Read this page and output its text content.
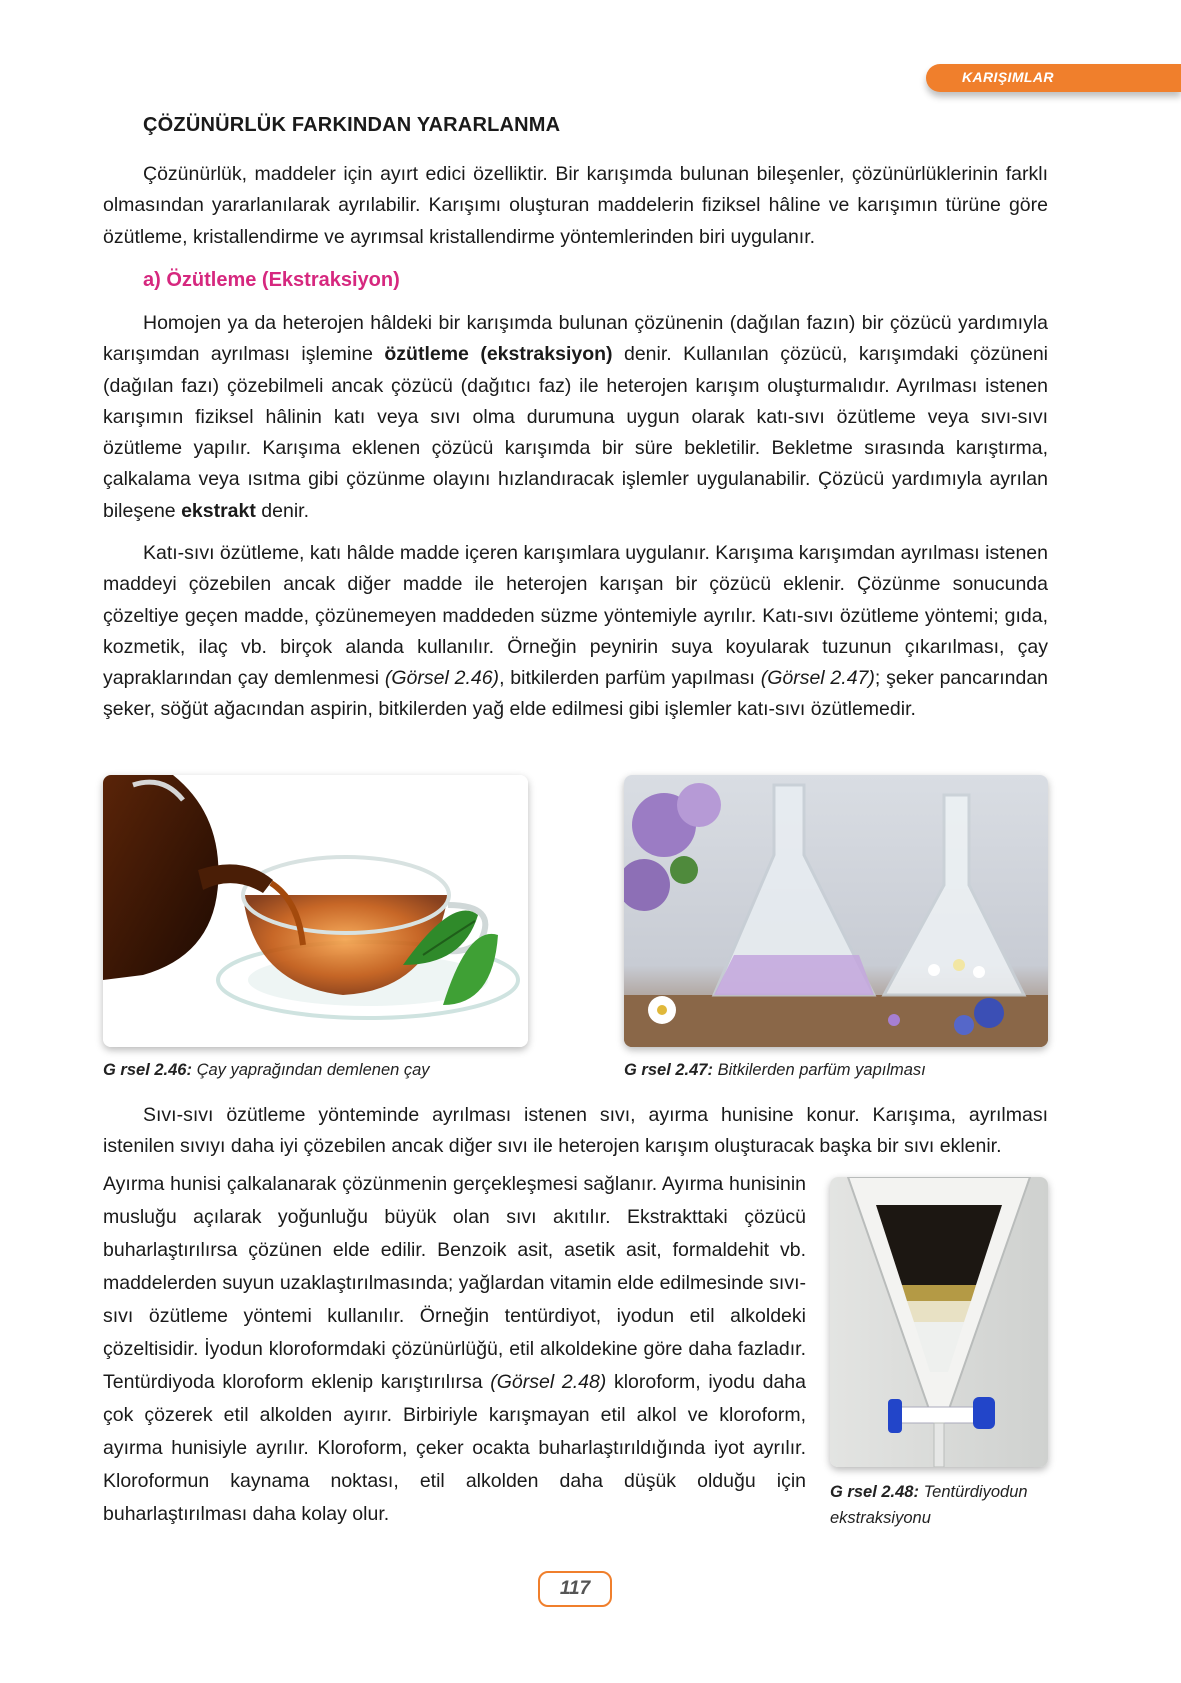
KARIŞIMLAR
ÇÖZÜNÜRLÜK FARKINDAN YARARLANMA

Çözünürlük, maddeler için ayırt edici özelliktir. Bir karışımda bulunan bileşenler, çözünürlüklerinin farklı olmasından yararlanılarak ayrılabilir. Karışımı oluşturan maddelerin fiziksel hâline ve karışımın türüne göre özütleme, kristallendirme ve ayrımsal kristallendirme yöntemlerinden biri uygulanır.

a) Özütleme (Ekstraksiyon)

Homojen ya da heterojen hâldeki bir karışımda bulunan çözünenin (dağılan fazın) bir çözücü yardımıyla karışımdan ayrılması işlemine özütleme (ekstraksiyon) denir. Kullanılan çözücü, karışımdaki çözüneni (dağılan fazı) çözebilmeli ancak çözücü (dağıtıcı faz) ile heterojen karışım oluşturmalıdır. Ayrılması istenen karışımın fiziksel hâlinin katı veya sıvı olma durumuna uygun olarak katı-sıvı özütleme veya sıvı-sıvı özütleme yapılır. Karışıma eklenen çözücü karışımda bir süre bekletilir. Bekletme sırasında karıştırma, çalkalama veya ısıtma gibi çözünme olayını hızlandıracak işlemler uygulanabilir. Çözücü yardımıyla ayrılan bileşene ekstrakt denir.

Katı-sıvı özütleme, katı hâlde madde içeren karışımlara uygulanır. Karışıma karışımdan ayrılması istenen maddeyi çözebilen ancak diğer madde ile heterojen karışan bir çözücü eklenir. Çözünme sonucunda çözeltiye geçen madde, çözünemeyen maddeden süzme yöntemiyle ayrılır. Katı-sıvı özütleme yöntemi; gıda, kozmetik, ilaç vb. birçok alanda kullanılır. Örneğin peynirin suya koyularak tuzunun çıkarılması, çay yapraklarından çay demlenmesi (Görsel 2.46), bitkilerden parfüm yapılması (Görsel 2.47); şeker pancarından şeker, söğüt ağacından aspirin, bitkilerden yağ elde edilmesi gibi işlemler katı-sıvı özütlemedir.

G rsel 2.46: Çay yaprağından demlenen çay	G rsel 2.47: Bitkilerden parfüm yapılması

Sıvı-sıvı özütleme yönteminde ayrılması istenen sıvı, ayırma hunisine konur. Karışıma, ayrılması istenilen sıvıyı daha iyi çözebilen ancak diğer sıvı ile heterojen karışım oluşturacak başka bir sıvı eklenir.

Ayırma hunisi çalkalanarak çözünmenin gerçekleşmesi sağlanır. Ayırma hunisinin musluğu açılarak yoğunluğu büyük olan sıvı akıtılır. Ekstrakttaki çözücü buharlaştırılırsa çözünen elde edilir. Benzoik asit, asetik asit, formaldehit vb. maddelerden suyun uzaklaştırılmasında; yağlardan vitamin elde edilmesinde sıvı-sıvı özütleme yöntemi kullanılır. Örneğin tentürdiyot, iyodun etil alkoldeki çözeltisidir. İyodun kloroformdaki çözünürlüğü, etil alkoldekine göre daha fazladır. Tentürdiyoda kloroform eklenip karıştırılırsa (Görsel 2.48) kloroform, iyodu daha çok çözerek etil alkolden ayırır. Birbiriyle karışmayan etil alkol ve kloroform, ayırma hunisiyle ayrılır. Kloroform, çeker ocakta buharlaştırıldığında iyot ayrılır. Kloroformun kaynama noktası, etil alkolden daha düşük olduğu için buharlaştırılması daha kolay olur.

G rsel 2.48: Tentürdiyodun ekstraksiyonu

117
